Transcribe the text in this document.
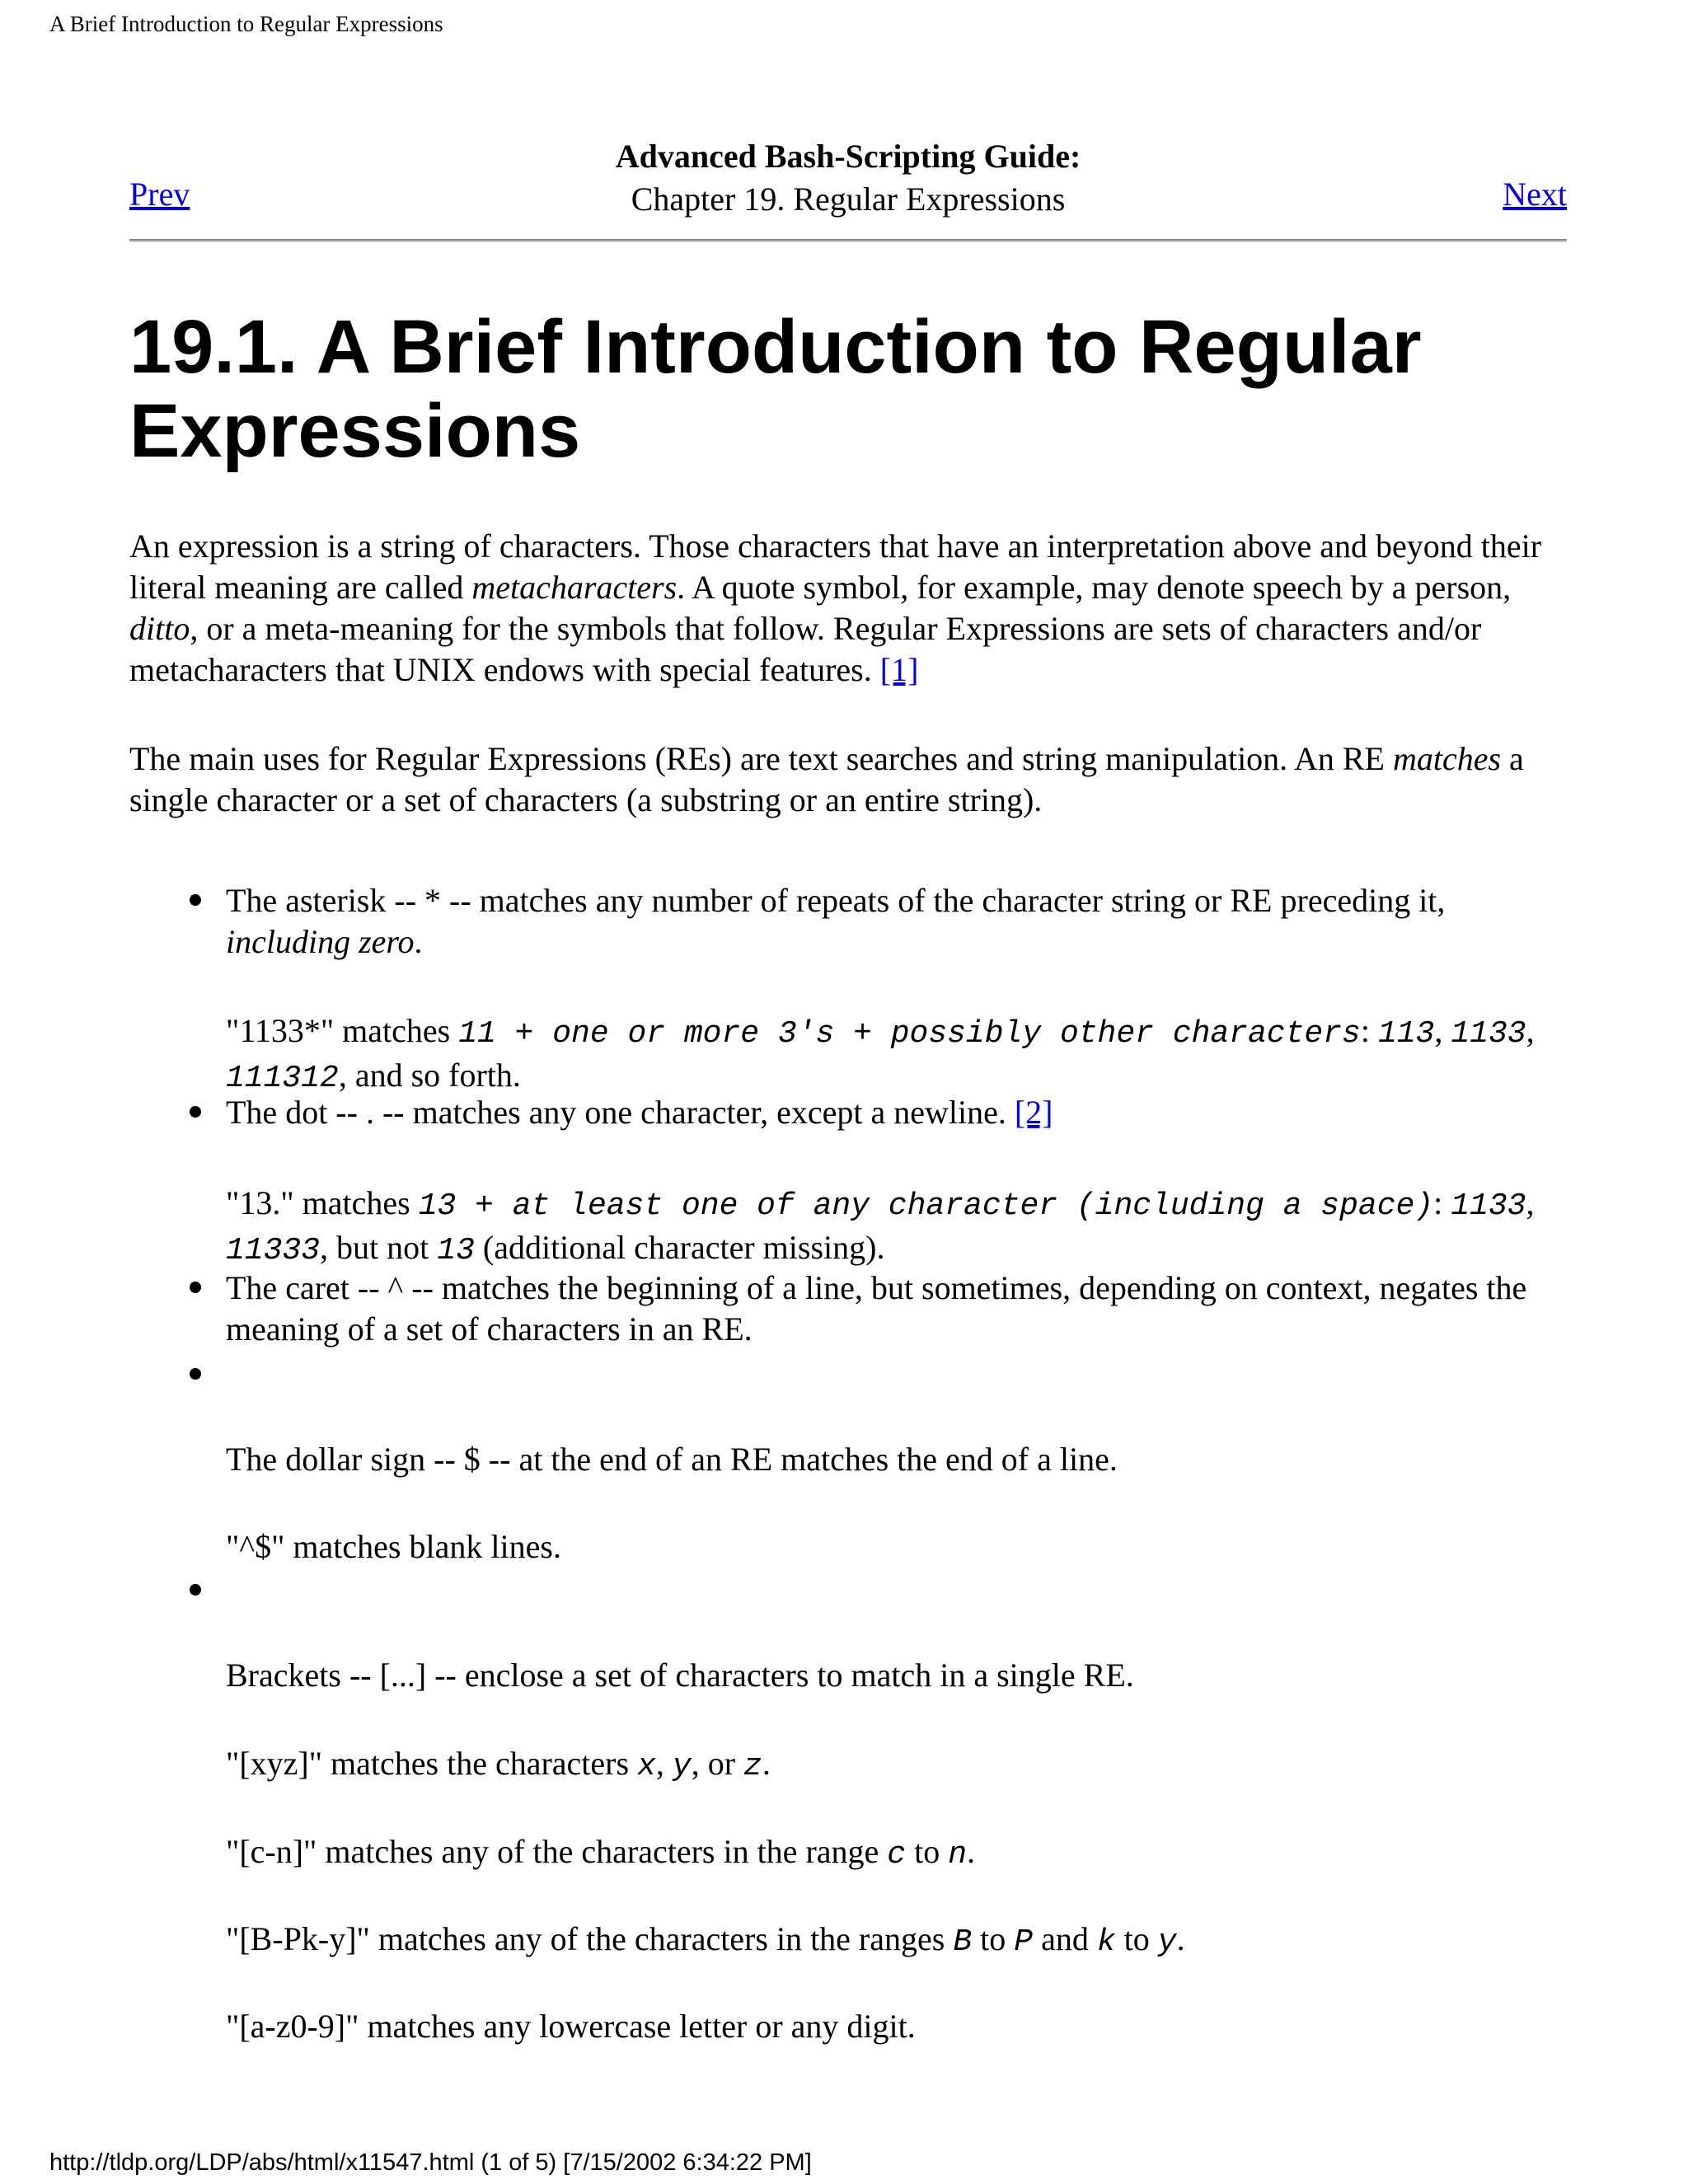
A Brief Introduction to Regular Expressions
Advanced Bash-Scripting Guide:
Chapter 19. Regular Expressions
Prev	Next
19.1. A Brief Introduction to Regular Expressions

An expression is a string of characters. Those characters that have an interpretation above and beyond their literal meaning are called metacharacters. A quote symbol, for example, may denote speech by a person, ditto, or a meta-meaning for the symbols that follow. Regular Expressions are sets of characters and/or metacharacters that UNIX endows with special features. [1]

The main uses for Regular Expressions (REs) are text searches and string manipulation. An RE matches a single character or a set of characters (a substring or an entire string).

The asterisk -- * -- matches any number of repeats of the character string or RE preceding it, including zero.

"1133*" matches 11 + one or more 3's + possibly other characters: 113, 1133, 111312, and so forth.

The dot -- . -- matches any one character, except a newline. [2]

"13." matches 13 + at least one of any character (including a space): 1133, 11333, but not 13 (additional character missing).

The caret -- ^ -- matches the beginning of a line, but sometimes, depending on context, negates the meaning of a set of characters in an RE.

The dollar sign -- $ -- at the end of an RE matches the end of a line.

"^$" matches blank lines.

Brackets -- [...] -- enclose a set of characters to match in a single RE.

"[xyz]" matches the characters x, y, or z.

"[c-n]" matches any of the characters in the range c to n.

"[B-Pk-y]" matches any of the characters in the ranges B to P and k to y.

"[a-z0-9]" matches any lowercase letter or any digit.

http://tldp.org/LDP/abs/html/x11547.html (1 of 5) [7/15/2002 6:34:22 PM]
